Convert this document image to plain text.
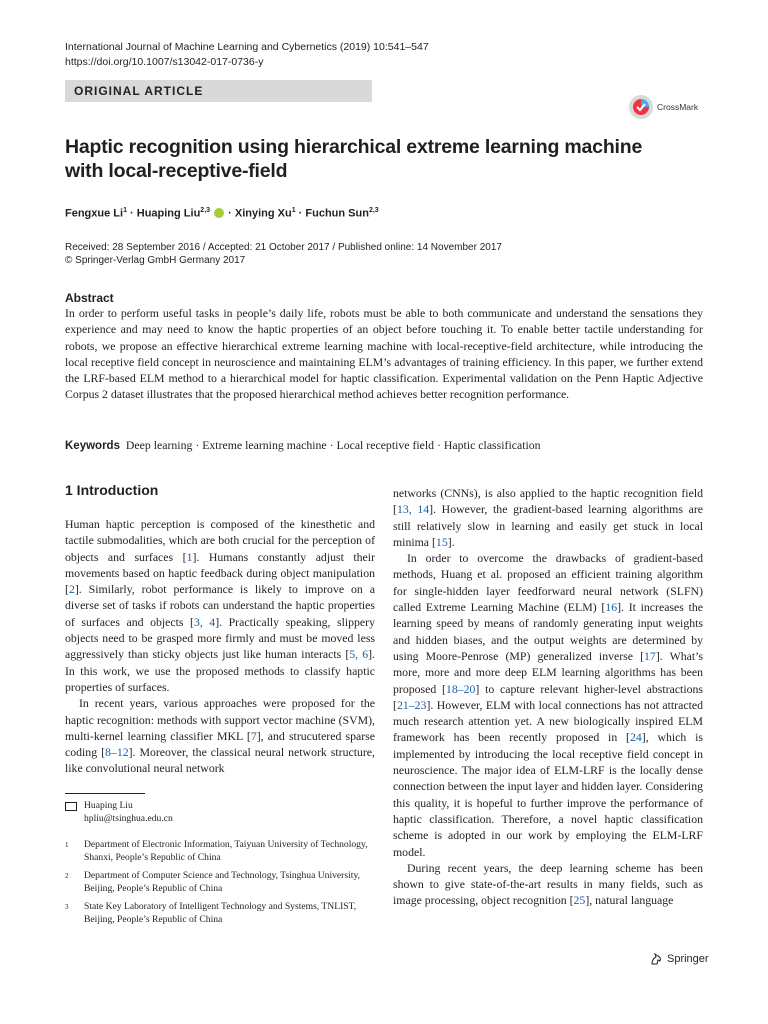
International Journal of Machine Learning and Cybernetics (2019) 10:541–547
https://doi.org/10.1007/s13042-017-0736-y
ORIGINAL ARTICLE
CrossMark
Haptic recognition using hierarchical extreme learning machine
with local-receptive-field
Fengxue $Li^1$ · Huaping Liu$^{2,3}$  · Xinying $Xu^1$ · Fuchun Sun$^{2,3}$
Received: 28 September 2016 / Accepted: 21 October 2017 / Published online: 14 November 2017
© Springer-Verlag GmbH Germany 2017
Abstract
In order to perform useful tasks in people’s daily life, robots must be able to both communicate and understand the sensations they experience and may need to know the haptic properties of an object before touching it. To enable better tactile understanding for robots, we propose an effective hierarchical extreme learning machine with local-receptive-field architecture, while introducing the local receptive field concept in neuroscience and maintaining ELM’s advantages of training efficiency. In this paper, we further extend the LRF-based ELM method to a hierarchical model for haptic classification. Experimental validation on the Penn Haptic Adjective Corpus 2 dataset illustrates that the proposed hierarchical method achieves better recognition performance.
Keywords Deep learning · Extreme learning machine · Local receptive field · Haptic classification
1 Introduction

Human haptic perception is composed of the kinesthetic and tactile submodalities, which are both crucial for the perception of objects and surfaces [1]. Humans constantly adjust their movements based on haptic feedback during object manipulation [2]. Similarly, robot performance is likely to improve on a diverse set of tasks if robots can understand the haptic properties of surfaces and objects [3, 4]. Practically speaking, slippery objects need to be grasped more firmly and must be moved less aggressively than sticky objects just like human interacts [5, 6]. In this work, we use the proposed methods to classify haptic properties of surfaces.

In recent years, various approaches were proposed for the haptic recognition: methods with support vector machine (SVM), multi-kernel learning classifier MKL [7], and strucutered sparse coding [8–12]. Moreover, the classical neural network structure, like convolutional neural network

networks (CNNs), is also applied to the haptic recognition field [13, 14]. However, the gradient-based learning algorithms are still relatively slow in learning and easily get stuck in local minima [15].

In order to overcome the drawbacks of gradient-based methods, Huang et al. proposed an efficient training algorithm for single-hidden layer feedforward neural network (SLFN) called Extreme Learning Machine (ELM) [16]. It increases the learning speed by means of randomly generating input weights and hidden biases, and the output weights are determined by using Moore-Penrose (MP) generalized inverse [17]. What’s more, more and more deep ELM learning algorithms has been proposed [18–20] to capture relevant higher-level abstractions [21–23]. However, ELM with local connections has not attracted much research attention yet. A new biologically inspired ELM framework has been recently proposed in [24], which is implemented by introducing the local receptive field concept in neuroscience. The major idea of ELM-LRF is the locally dense connection between the input layer and hidden layer. Considering this quality, it is hopeful to further improve the performance of haptic classification. Therefore, a novel haptic classification scheme is adopted in our work by employing the ELM-LRF model.

During recent years, the deep learning scheme has been shown to give state-of-the-art results in many fields, such as image processing, object recognition [25], natural language

Huaping Liu
hpliu@tsinghua.edu.cn
1 Department of Electronic Information, Taiyuan University of Technology, Shanxi, People’s Republic of China
2 Department of Computer Science and Technology, Tsinghua University, Beijing, People’s Republic of China
3 State Key Laboratory of Intelligent Technology and Systems, TNLIST, Beijing, People’s Republic of China
Springer
